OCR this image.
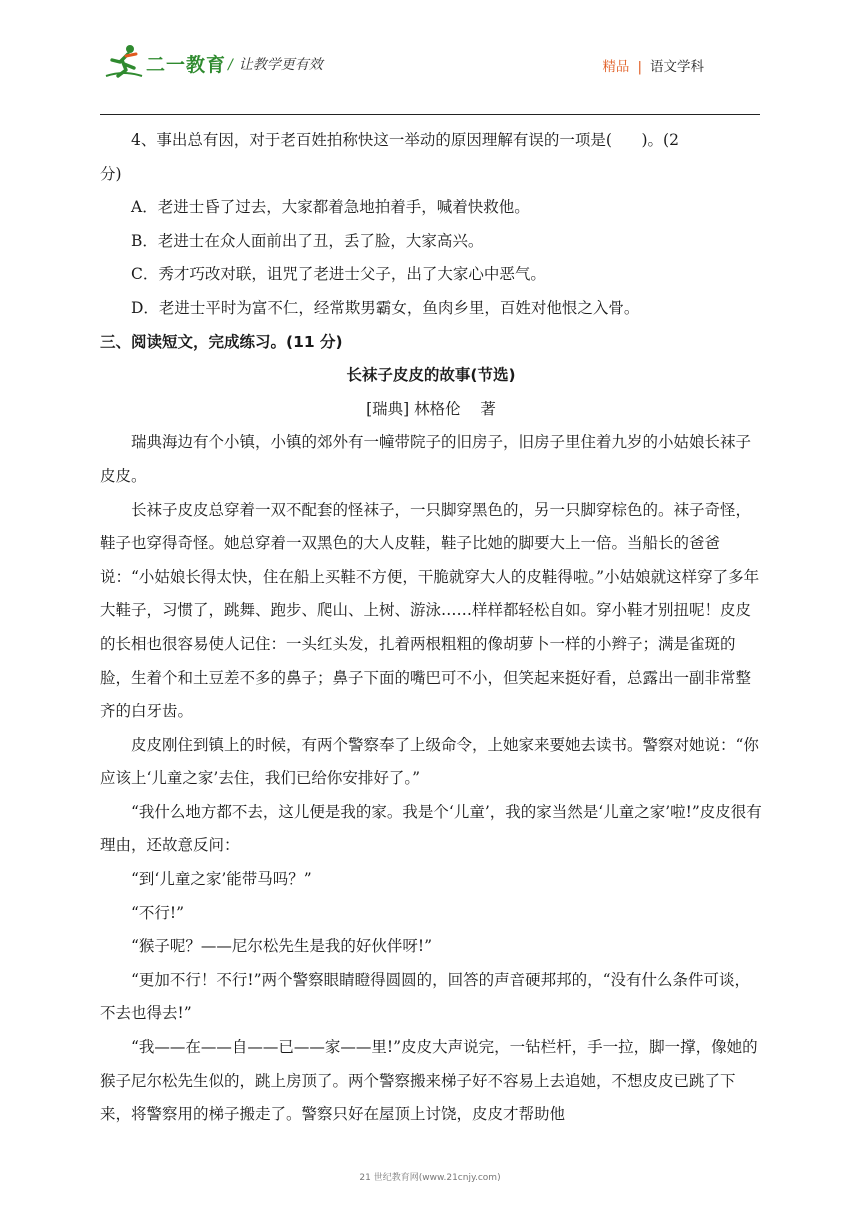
二一教育 / 让教学更有效	精品 | 语文学科

4、事出总有因，对于老百姓拍称快这一举动的原因理解有误的一项是(      )。(2

分)

A．老进士昏了过去，大家都着急地拍着手，喊着快救他。

B．老进士在众人面前出了丑，丢了脸，大家高兴。

C．秀才巧改对联，诅咒了老进士父子，出了大家心中恶气。

D．老进士平时为富不仁，经常欺男霸女，鱼肉乡里，百姓对他恨之入骨。

三、阅读短文，完成练习。(11 分)

长袜子皮皮的故事(节选)

[瑞典] 林格伦    著

瑞典海边有个小镇，小镇的郊外有一幢带院子的旧房子，旧房子里住着九岁的小姑娘长袜子皮皮。

长袜子皮皮总穿着一双不配套的怪袜子，一只脚穿黑色的，另一只脚穿棕色的。袜子奇怪，鞋子也穿得奇怪。她总穿着一双黑色的大人皮鞋，鞋子比她的脚要大上一倍。当船长的爸爸说：“小姑娘长得太快，住在船上买鞋不方便，干脆就穿大人的皮鞋得啦。”小姑娘就这样穿了多年大鞋子，习惯了，跳舞、跑步、爬山、上树、游泳……样样都轻松自如。穿小鞋才别扭呢！皮皮的长相也很容易使人记住：一头红头发，扎着两根粗粗的像胡萝卜一样的小辫子；满是雀斑的脸，生着个和土豆差不多的鼻子；鼻子下面的嘴巴可不小，但笑起来挺好看，总露出一副非常整齐的白牙齿。

皮皮刚住到镇上的时候，有两个警察奉了上级命令，上她家来要她去读书。警察对她说：“你应该上‘儿童之家’去住，我们已给你安排好了。”

“我什么地方都不去，这儿便是我的家。我是个‘儿童’，我的家当然是‘儿童之家’啦!”皮皮很有理由，还故意反问：

“到‘儿童之家’能带马吗？”

“不行!”

“猴子呢？——尼尔松先生是我的好伙伴呀!”

“更加不行！不行!”两个警察眼睛瞪得圆圆的，回答的声音硬邦邦的，“没有什么条件可谈，不去也得去!”

“我——在——自——已——家——里!”皮皮大声说完，一钻栏杆，手一拉，脚一撑，像她的猴子尼尔松先生似的，跳上房顶了。两个警察搬来梯子好不容易上去追她，不想皮皮已跳了下来，将警察用的梯子搬走了。警察只好在屋顶上讨饶，皮皮才帮助他

21 世纪教育网(www.21cnjy.com)
